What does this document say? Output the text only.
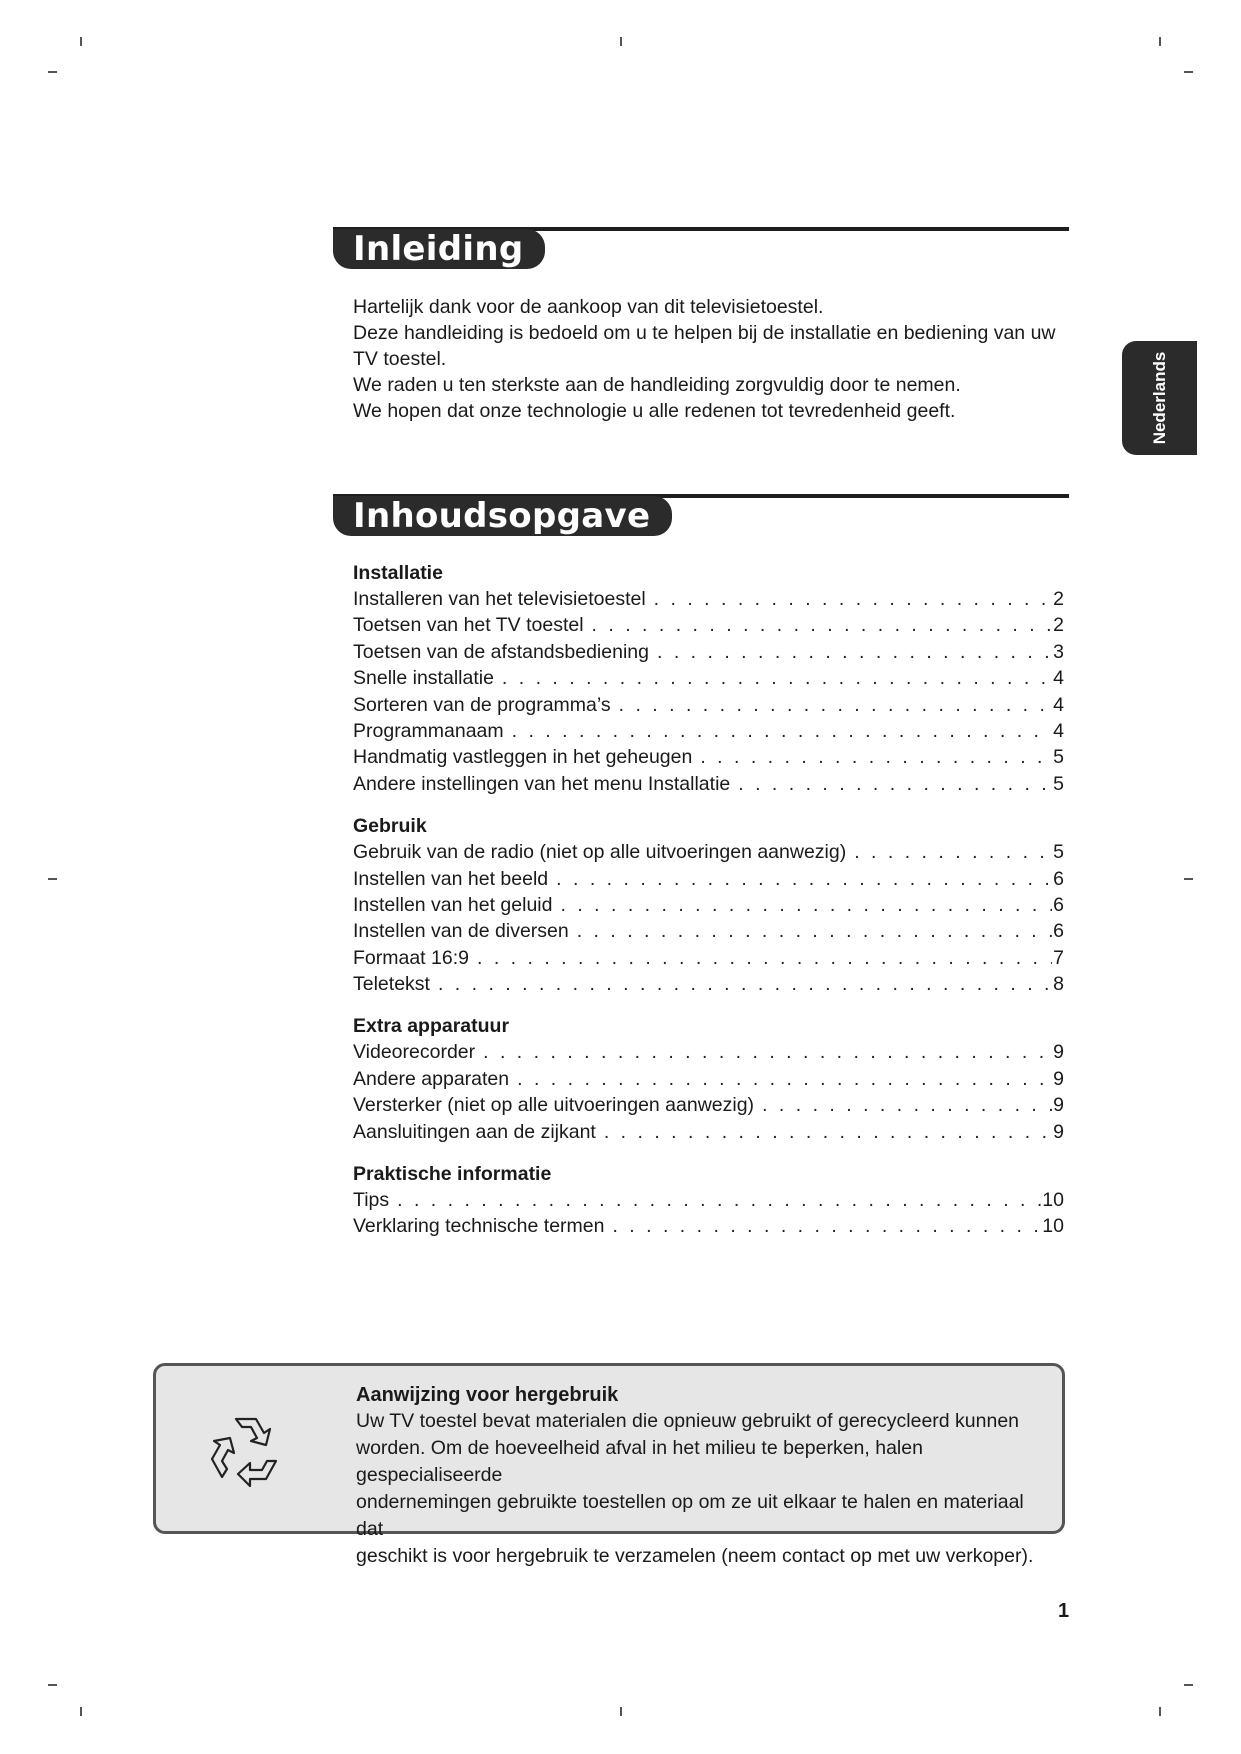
Nederlands
Inleiding

Hartelijk dank voor de aankoop van dit televisietoestel.

Deze handleiding is bedoeld om u te helpen bij de installatie en bediening van uw TV toestel.

We raden u ten sterkste aan de handleiding zorgvuldig door te nemen.

We hopen dat onze technologie u alle redenen tot tevredenheid geeft.

Inhoudsopgave
Installatie
Installeren van het televisietoestel . . .	2
Toetsen van het TV toestel . . .	2
Toetsen van de afstandsbediening . . .	3
Snelle installatie . . .	4
Sorteren van de programma’s . . .	4
Programmanaam . . .	4
Handmatig vastleggen in het geheugen . . .	5
Andere instellingen van het menu Installatie . . .	5
Gebruik
Gebruik van de radio (niet op alle uitvoeringen aanwezig) . . .	5
Instellen van het beeld . . .	6
Instellen van het geluid . . .	6
Instellen van de diversen . . .	6
Formaat 16:9 . . .	7
Teletekst . . .	8
Extra apparatuur
Videorecorder . . .	9
Andere apparaten . . .	9
Versterker (niet op alle uitvoeringen aanwezig) . . .	9
Aansluitingen aan de zijkant . . .	9
Praktische informatie
Tips . . .	10
Verklaring technische termen . . .	10
Aanwijzing voor hergebruik

Uw TV toestel bevat materialen die opnieuw gebruikt of gerecycleerd kunnen

worden. Om de hoeveelheid afval in het milieu te beperken, halen gespecialiseerde

ondernemingen gebruikte toestellen op om ze uit elkaar te halen en materiaal dat

geschikt is voor hergebruik te verzamelen (neem contact op met uw verkoper).

1
